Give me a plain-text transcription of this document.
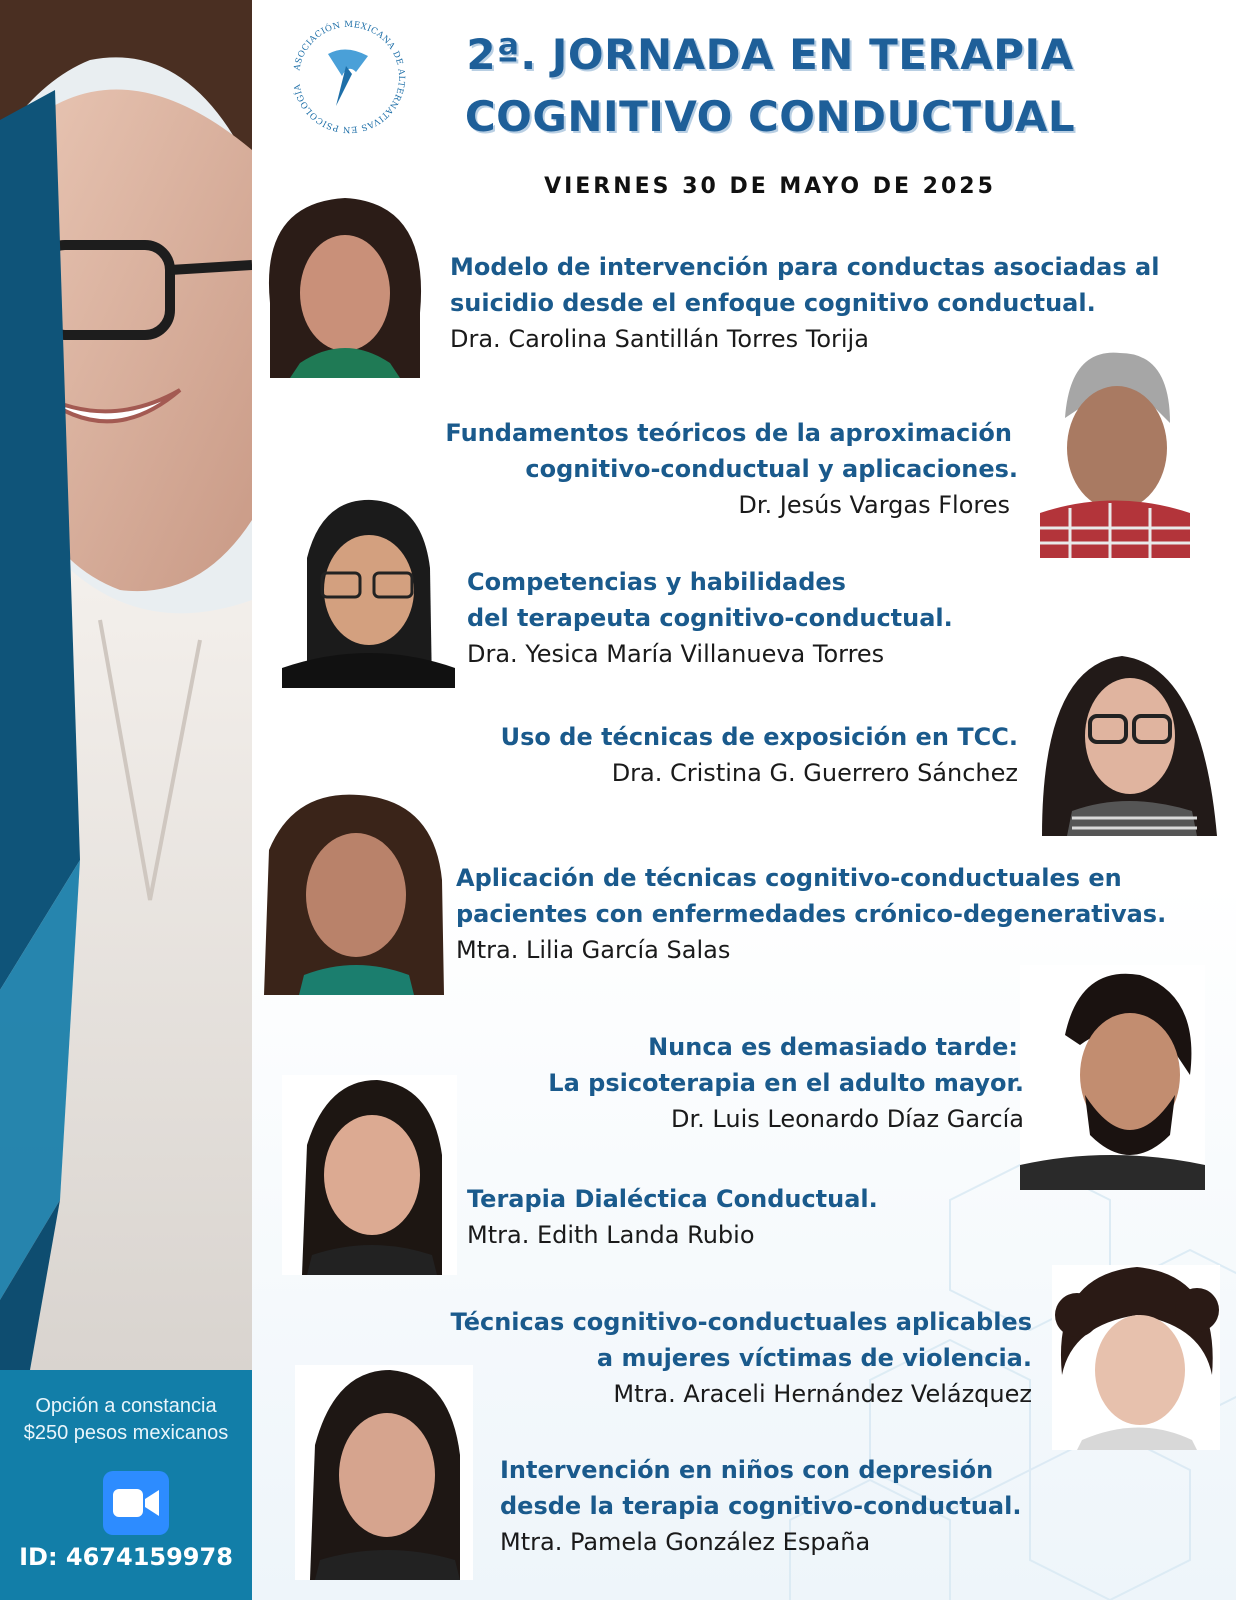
Opción a constancia
$250 pesos mexicanos
ID: 4674159978
ASOCIACIÓN MEXICANA DE ALTERNATIVAS EN PSICOLOGÍA
2ª. JORNADA EN TERAPIA
COGNITIVO CONDUCTUAL
VIERNES 30 DE MAYO DE 2025
Modelo de intervención para conductas asociadas al
suicidio desde el enfoque cognitivo conductual.
Dra. Carolina Santillán Torres Torija
Fundamentos teóricos de la aproximación
cognitivo-conductual y aplicaciones.
Dr. Jesús Vargas Flores
Competencias y habilidades
del terapeuta cognitivo-conductual.
Dra. Yesica María Villanueva Torres
Uso de técnicas de exposición en TCC.
Dra. Cristina G. Guerrero Sánchez
Aplicación de técnicas cognitivo-conductuales en
pacientes con enfermedades crónico-degenerativas.
Mtra. Lilia García Salas
Nunca es demasiado tarde:
La psicoterapia en el adulto mayor.
Dr. Luis Leonardo Díaz García
Terapia Dialéctica Conductual.
Mtra. Edith Landa Rubio
Técnicas cognitivo-conductuales aplicables
a mujeres víctimas de violencia.
Mtra. Araceli Hernández Velázquez
Intervención en niños con depresión
desde la terapia cognitivo-conductual.
Mtra. Pamela González España
